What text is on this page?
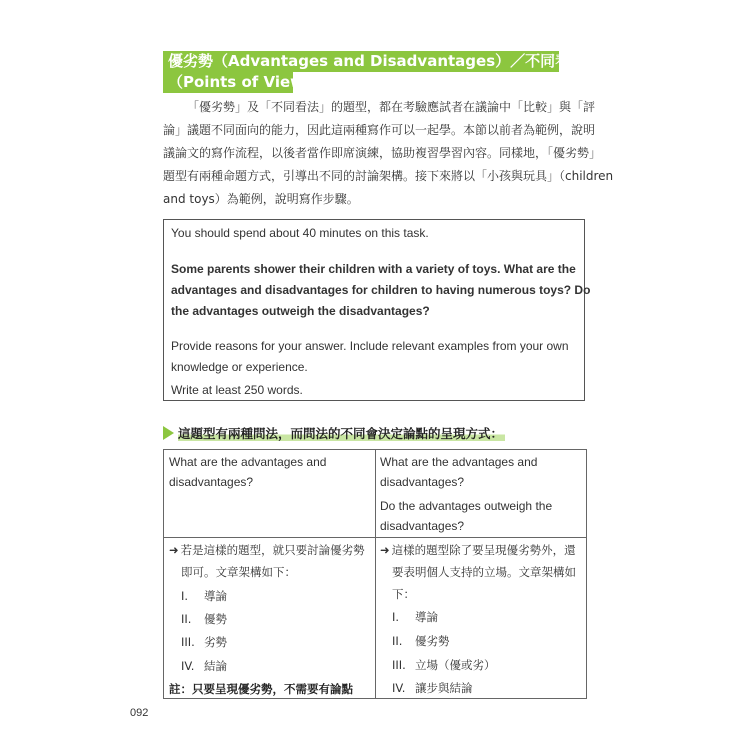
優劣勢（Advantages and Disadvantages）／不同看法
（Points of View）
「優劣勢」及「不同看法」的題型，都在考驗應試者在議論中「比較」與「評
論」議題不同面向的能力，因此這兩種寫作可以一起學。本節以前者為範例，說明
議論文的寫作流程，以後者當作即席演練，協助複習學習內容。同樣地，「優劣勢」
題型有兩種命題方式，引導出不同的討論架構。接下來將以「小孩與玩具」（children
and toys）為範例，說明寫作步驟。
You should spend about 40 minutes on this task.
Some parents shower their children with a variety of toys. What are the
advantages and disadvantages for children to having numerous toys? Do
the advantages outweigh the disadvantages?
Provide reasons for your answer. Include relevant examples from your own
knowledge or experience.
Write at least 250 words.
這題型有兩種問法，而問法的不同會決定論點的呈現方式：
What are the advantages and
disadvantages?
What are the advantages and
disadvantages?
Do the advantages outweigh the
disadvantages?
➜ 若是這樣的題型，就只要討論優劣勢
即可。文章架構如下：
I. 導論
II. 優勢
III. 劣勢
IV. 結論
註：只要呈現優劣勢，不需要有論點
➜ 這樣的題型除了要呈現優劣勢外，還
要表明個人支持的立場。文章架構如
下：
I. 導論
II. 優劣勢
III. 立場（優或劣）
IV. 讓步與結論
092
